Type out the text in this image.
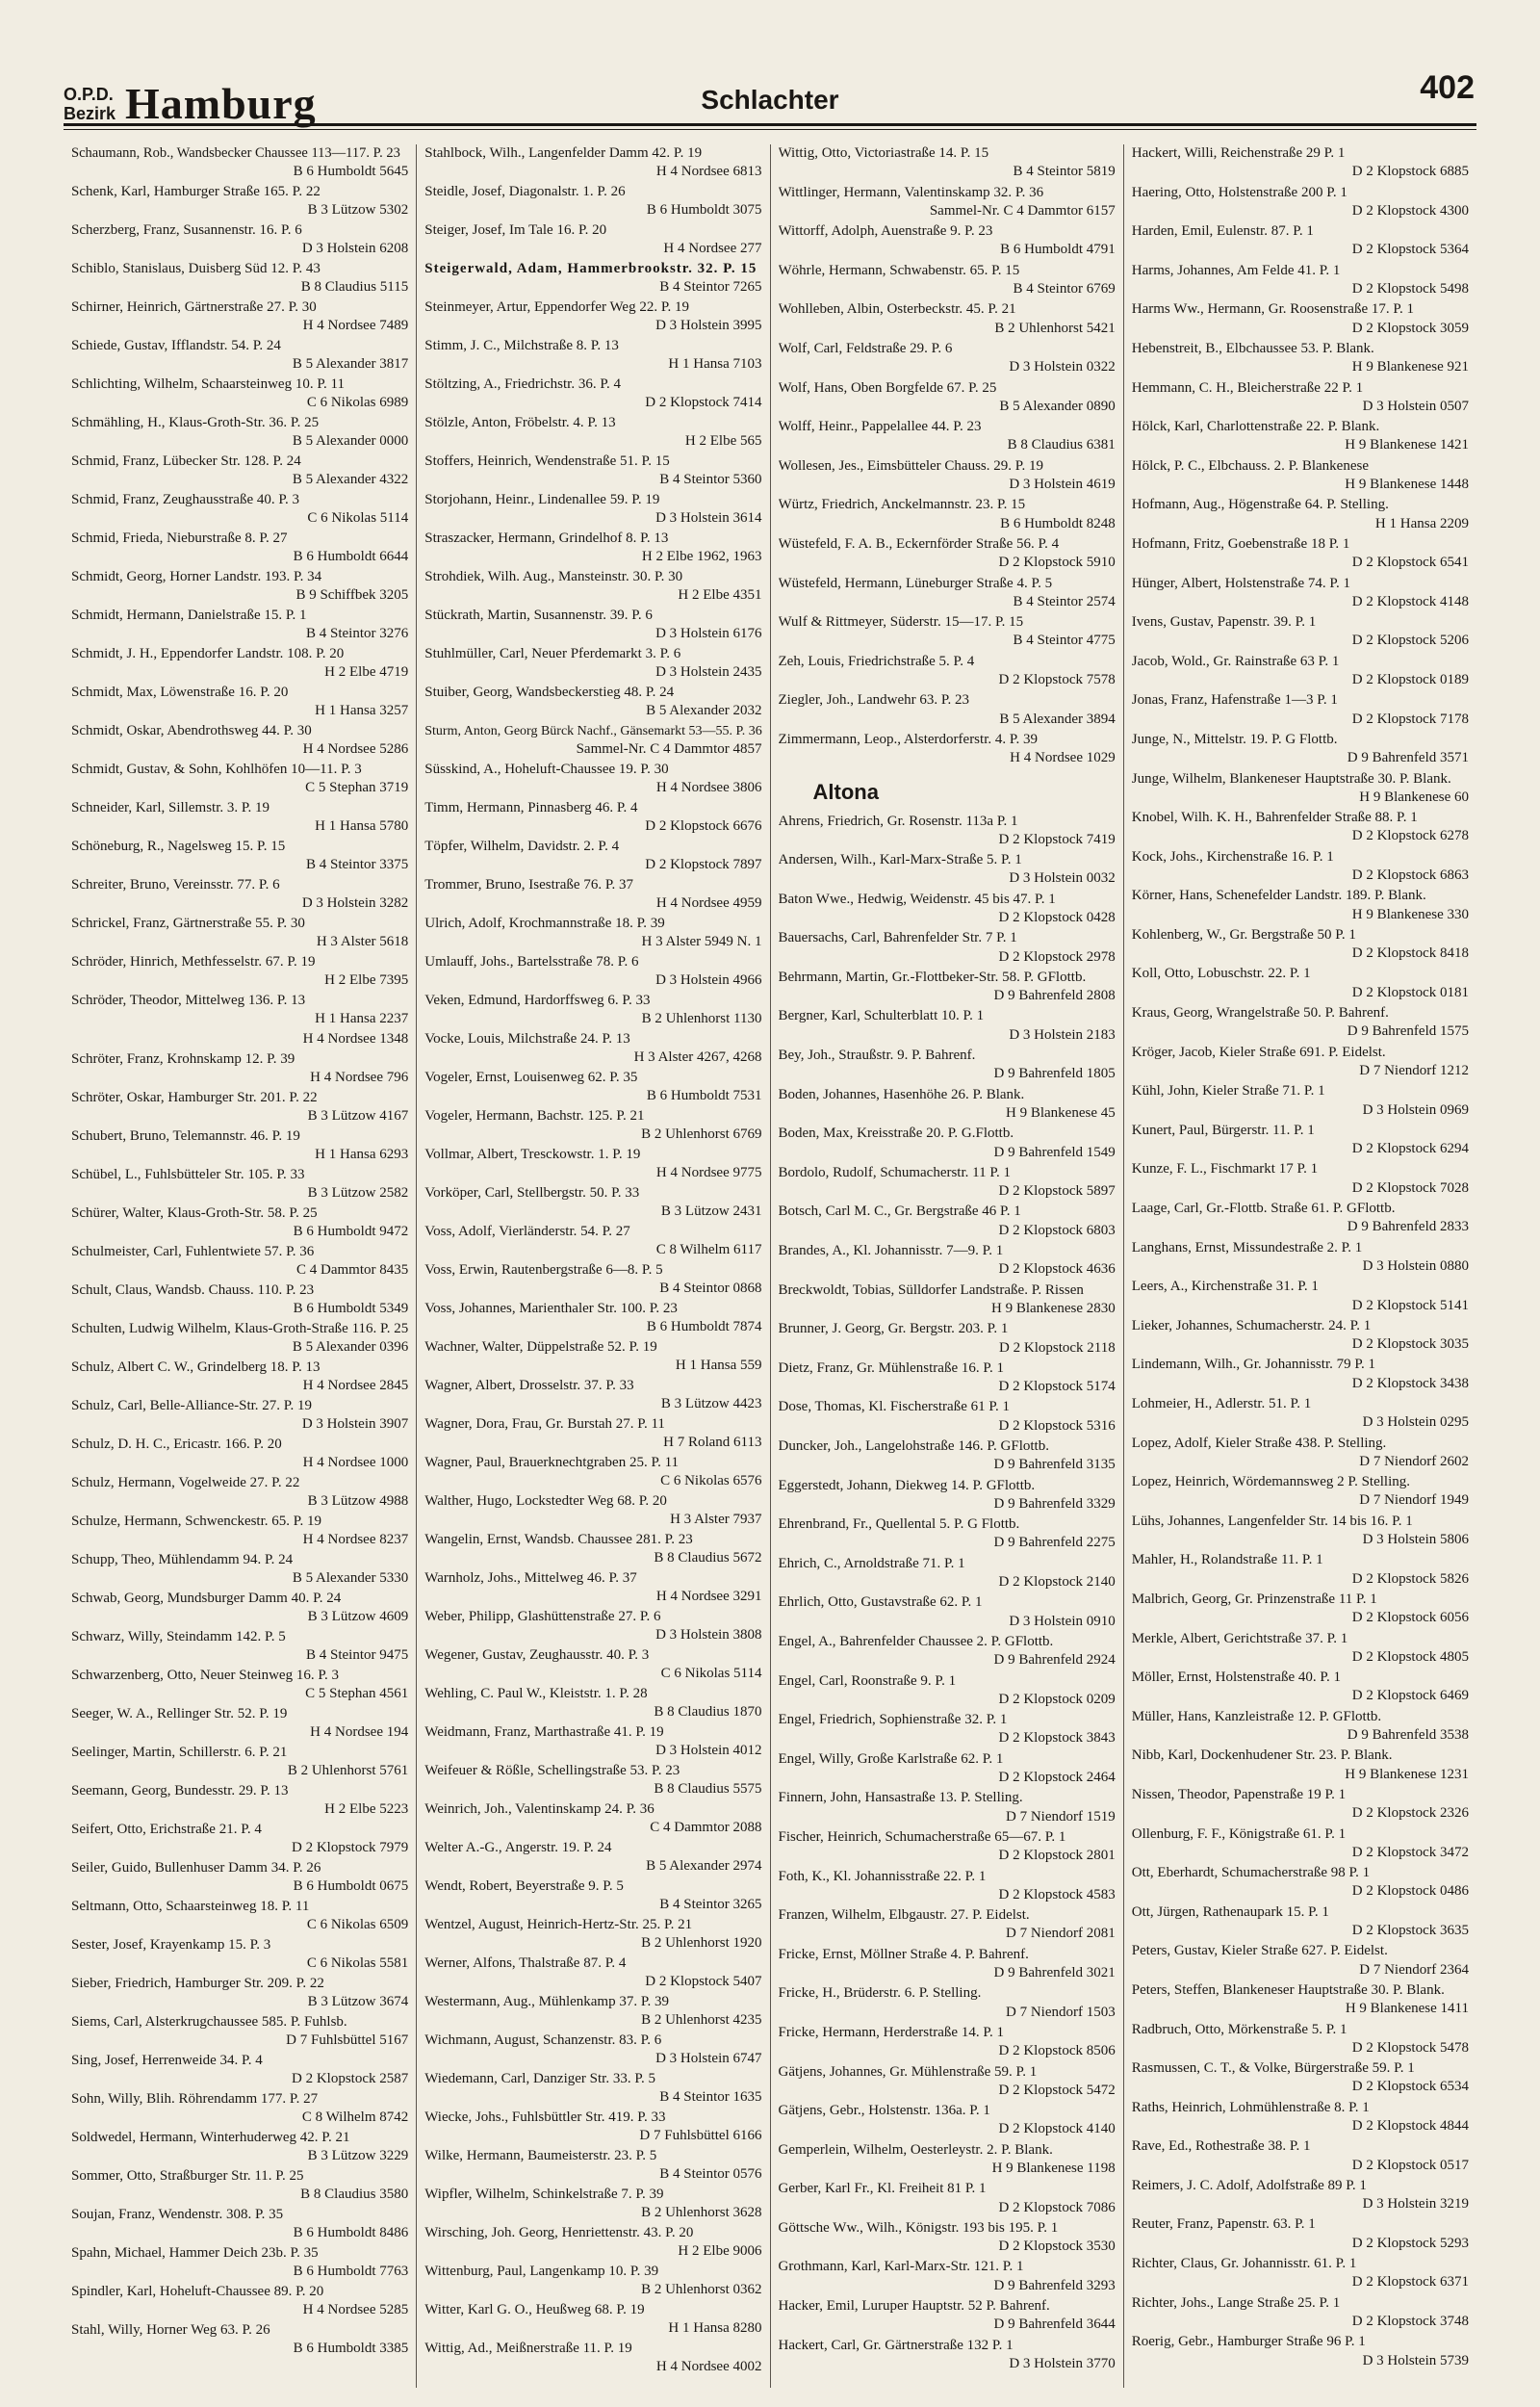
O.P.D.
Bezirk Hamburg	Schlachter	402
Schaumann, Rob., Wandsbecker Chaussee 113—117. P. 23
B 6 Humboldt 5645
Schenk, Karl, Hamburger Straße 165. P. 22
B 3 Lützow 5302
Scherzberg, Franz, Susannenstr. 16. P. 6
D 3 Holstein 6208
Schiblo, Stanislaus, Duisberg Süd 12. P. 43
B 8 Claudius 5115
Schirner, Heinrich, Gärtnerstraße 27. P. 30
H 4 Nordsee 7489
Schiede, Gustav, Ifflandstr. 54. P. 24
B 5 Alexander 3817
Schlichting, Wilhelm, Schaarsteinweg 10. P. 11
C 6 Nikolas 6989
Schmähling, H., Klaus-Groth-Str. 36. P. 25
B 5 Alexander 0000
Schmid, Franz, Lübecker Str. 128. P. 24
B 5 Alexander 4322
Schmid, Franz, Zeughausstraße 40. P. 3
C 6 Nikolas 5114
Schmid, Frieda, Nieburstraße 8. P. 27
B 6 Humboldt 6644
Schmidt, Georg, Horner Landstr. 193. P. 34
B 9 Schiffbek 3205
Schmidt, Hermann, Danielstraße 15. P. 1
B 4 Steintor 3276
Schmidt, J. H., Eppendorfer Landstr. 108. P. 20
H 2 Elbe 4719
Schmidt, Max, Löwenstraße 16. P. 20
H 1 Hansa 3257
Schmidt, Oskar, Abendrothsweg 44. P. 30
H 4 Nordsee 5286
Schmidt, Gustav, & Sohn, Kohlhöfen 10—11. P. 3
C 5 Stephan 3719
Schneider, Karl, Sillemstr. 3. P. 19
H 1 Hansa 5780
Schöneburg, R., Nagelsweg 15. P. 15
B 4 Steintor 3375
Schreiter, Bruno, Vereinsstr. 77. P. 6
D 3 Holstein 3282
Schrickel, Franz, Gärtnerstraße 55. P. 30
H 3 Alster 5618
Schröder, Hinrich, Methfesselstr. 67. P. 19
H 2 Elbe 7395
Schröder, Theodor, Mittelweg 136. P. 13
H 1 Hansa 2237
H 4 Nordsee 1348
Schröter, Franz, Krohnskamp 12. P. 39
H 4 Nordsee 796
Schröter, Oskar, Hamburger Str. 201. P. 22
B 3 Lützow 4167
Schubert, Bruno, Telemannstr. 46. P. 19
H 1 Hansa 6293
Schübel, L., Fuhlsbütteler Str. 105. P. 33
B 3 Lützow 2582
Schürer, Walter, Klaus-Groth-Str. 58. P. 25
B 6 Humboldt 9472
Schulmeister, Carl, Fuhlentwiete 57. P. 36
C 4 Dammtor 8435
Schult, Claus, Wandsb. Chauss. 110. P. 23
B 6 Humboldt 5349
Schulten, Ludwig Wilhelm, Klaus-Groth-Straße 116. P. 25
B 5 Alexander 0396
Schulz, Albert C. W., Grindelberg 18. P. 13
H 4 Nordsee 2845
Schulz, Carl, Belle-Alliance-Str. 27. P. 19
D 3 Holstein 3907
Schulz, D. H. C., Ericastr. 166. P. 20
H 4 Nordsee 1000
Schulz, Hermann, Vogelweide 27. P. 22
B 3 Lützow 4988
Schulze, Hermann, Schwenckestr. 65. P. 19
H 4 Nordsee 8237
Schupp, Theo, Mühlendamm 94. P. 24
B 5 Alexander 5330
Schwab, Georg, Mundsburger Damm 40. P. 24
B 3 Lützow 4609
Schwarz, Willy, Steindamm 142. P. 5
B 4 Steintor 9475
Schwarzenberg, Otto, Neuer Steinweg 16. P. 3
C 5 Stephan 4561
Seeger, W. A., Rellinger Str. 52. P. 19
H 4 Nordsee 194
Seelinger, Martin, Schillerstr. 6. P. 21
B 2 Uhlenhorst 5761
Seemann, Georg, Bundesstr. 29. P. 13
H 2 Elbe 5223
Seifert, Otto, Erichstraße 21. P. 4
D 2 Klopstock 7979
Seiler, Guido, Bullenhuser Damm 34. P. 26
B 6 Humboldt 0675
Seltmann, Otto, Schaarsteinweg 18. P. 11
C 6 Nikolas 6509
Sester, Josef, Krayenkamp 15. P. 3
C 6 Nikolas 5581
Sieber, Friedrich, Hamburger Str. 209. P. 22
B 3 Lützow 3674
Siems, Carl, Alsterkrugchaussee 585. P. Fuhlsb.
D 7 Fuhlsbüttel 5167
Sing, Josef, Herrenweide 34. P. 4
D 2 Klopstock 2587
Sohn, Willy, Blih. Röhrendamm 177. P. 27
C 8 Wilhelm 8742
Soldwedel, Hermann, Winterhuderweg 42. P. 21
B 3 Lützow 3229
Sommer, Otto, Straßburger Str. 11. P. 25
B 8 Claudius 3580
Soujan, Franz, Wendenstr. 308. P. 35
B 6 Humboldt 8486
Spahn, Michael, Hammer Deich 23b. P. 35
B 6 Humboldt 7763
Spindler, Karl, Hoheluft-Chaussee 89. P. 20
H 4 Nordsee 5285
Stahl, Willy, Horner Weg 63. P. 26
B 6 Humboldt 3385
Stahlbock, Wilh., Langenfelder Damm 42. P. 19
H 4 Nordsee 6813
Steidle, Josef, Diagonalstr. 1. P. 26
B 6 Humboldt 3075
Steiger, Josef, Im Tale 16. P. 20
H 4 Nordsee 277
Steigerwald, Adam, Hammerbrookstr. 32. P. 15
B 4 Steintor 7265
Steinmeyer, Artur, Eppendorfer Weg 22. P. 19
D 3 Holstein 3995
Stimm, J. C., Milchstraße 8. P. 13
H 1 Hansa 7103
Stöltzing, A., Friedrichstr. 36. P. 4
D 2 Klopstock 7414
Stölzle, Anton, Fröbelstr. 4. P. 13
H 2 Elbe 565
Stoffers, Heinrich, Wendenstraße 51. P. 15
B 4 Steintor 5360
Storjohann, Heinr., Lindenallee 59. P. 19
D 3 Holstein 3614
Straszacker, Hermann, Grindelhof 8. P. 13
H 2 Elbe 1962, 1963
Strohdiek, Wilh. Aug., Mansteinstr. 30. P. 30
H 2 Elbe 4351
Stückrath, Martin, Susannenstr. 39. P. 6
D 3 Holstein 6176
Stuhlmüller, Carl, Neuer Pferdemarkt 3. P. 6
D 3 Holstein 2435
Stuiber, Georg, Wandsbeckerstieg 48. P. 24
B 5 Alexander 2032
Sturm, Anton, Georg Bürck Nachf., Gänsemarkt 53—55. P. 36
Sammel-Nr. C 4 Dammtor 4857
Süsskind, A., Hoheluft-Chaussee 19. P. 30
H 4 Nordsee 3806
Timm, Hermann, Pinnasberg 46. P. 4
D 2 Klopstock 6676
Töpfer, Wilhelm, Davidstr. 2. P. 4
D 2 Klopstock 7897
Trommer, Bruno, Isestraße 76. P. 37
H 4 Nordsee 4959
Ulrich, Adolf, Krochmannstraße 18. P. 39
H 3 Alster 5949 N. 1
Umlauff, Johs., Bartelsstraße 78. P. 6
D 3 Holstein 4966
Veken, Edmund, Hardorffsweg 6. P. 33
B 2 Uhlenhorst 1130
Vocke, Louis, Milchstraße 24. P. 13
H 3 Alster 4267, 4268
Vogeler, Ernst, Louisenweg 62. P. 35
B 6 Humboldt 7531
Vogeler, Hermann, Bachstr. 125. P. 21
B 2 Uhlenhorst 6769
Vollmar, Albert, Tresckowstr. 1. P. 19
H 4 Nordsee 9775
Vorköper, Carl, Stellbergstr. 50. P. 33
B 3 Lützow 2431
Voss, Adolf, Vierländerstr. 54. P. 27
C 8 Wilhelm 6117
Voss, Erwin, Rautenbergstraße 6—8. P. 5
B 4 Steintor 0868
Voss, Johannes, Marienthaler Str. 100. P. 23
B 6 Humboldt 7874
Wachner, Walter, Düppelstraße 52. P. 19
H 1 Hansa 559
Wagner, Albert, Drosselstr. 37. P. 33
B 3 Lützow 4423
Wagner, Dora, Frau, Gr. Burstah 27. P. 11
H 7 Roland 6113
Wagner, Paul, Brauerknechtgraben 25. P. 11
C 6 Nikolas 6576
Walther, Hugo, Lockstedter Weg 68. P. 20
H 3 Alster 7937
Wangelin, Ernst, Wandsb. Chaussee 281. P. 23
B 8 Claudius 5672
Warnholz, Johs., Mittelweg 46. P. 37
H 4 Nordsee 3291
Weber, Philipp, Glashüttenstraße 27. P. 6
D 3 Holstein 3808
Wegener, Gustav, Zeughausstr. 40. P. 3
C 6 Nikolas 5114
Wehling, C. Paul W., Kleiststr. 1. P. 28
B 8 Claudius 1870
Weidmann, Franz, Marthastraße 41. P. 19
D 3 Holstein 4012
Weifeuer & Rößle, Schellingstraße 53. P. 23
B 8 Claudius 5575
Weinrich, Joh., Valentinskamp 24. P. 36
C 4 Dammtor 2088
Welter A.-G., Angerstr. 19. P. 24
B 5 Alexander 2974
Wendt, Robert, Beyerstraße 9. P. 5
B 4 Steintor 3265
Wentzel, August, Heinrich-Hertz-Str. 25. P. 21
B 2 Uhlenhorst 1920
Werner, Alfons, Thalstraße 87. P. 4
D 2 Klopstock 5407
Westermann, Aug., Mühlenkamp 37. P. 39
B 2 Uhlenhorst 4235
Wichmann, August, Schanzenstr. 83. P. 6
D 3 Holstein 6747
Wiedemann, Carl, Danziger Str. 33. P. 5
B 4 Steintor 1635
Wiecke, Johs., Fuhlsbüttler Str. 419. P. 33
D 7 Fuhlsbüttel 6166
Wilke, Hermann, Baumeisterstr. 23. P. 5
B 4 Steintor 0576
Wipfler, Wilhelm, Schinkelstraße 7. P. 39
B 2 Uhlenhorst 3628
Wirsching, Joh. Georg, Henriettenstr. 43. P. 20
H 2 Elbe 9006
Wittenburg, Paul, Langenkamp 10. P. 39
B 2 Uhlenhorst 0362
Witter, Karl G. O., Heußweg 68. P. 19
H 1 Hansa 8280
Wittig, Ad., Meißnerstraße 11. P. 19
H 4 Nordsee 4002
Wittig, Otto, Victoriastraße 14. P. 15
B 4 Steintor 5819
Wittlinger, Hermann, Valentinskamp 32. P. 36
Sammel-Nr. C 4 Dammtor 6157
Wittorff, Adolph, Auenstraße 9. P. 23
B 6 Humboldt 4791
Wöhrle, Hermann, Schwabenstr. 65. P. 15
B 4 Steintor 6769
Wohlleben, Albin, Osterbeckstr. 45. P. 21
B 2 Uhlenhorst 5421
Wolf, Carl, Feldstraße 29. P. 6
D 3 Holstein 0322
Wolf, Hans, Oben Borgfelde 67. P. 25
B 5 Alexander 0890
Wolff, Heinr., Pappelallee 44. P. 23
B 8 Claudius 6381
Wollesen, Jes., Eimsbütteler Chauss. 29. P. 19
D 3 Holstein 4619
Würtz, Friedrich, Anckelmannstr. 23. P. 15
B 6 Humboldt 8248
Wüstefeld, F. A. B., Eckernförder Straße 56. P. 4
D 2 Klopstock 5910
Wüstefeld, Hermann, Lüneburger Straße 4. P. 5
B 4 Steintor 2574
Wulf & Rittmeyer, Süderstr. 15—17. P. 15
B 4 Steintor 4775
Zeh, Louis, Friedrichstraße 5. P. 4
D 2 Klopstock 7578
Ziegler, Joh., Landwehr 63. P. 23
B 5 Alexander 3894
Zimmermann, Leop., Alsterdorferstr. 4. P. 39
H 4 Nordsee 1029
Altona
Ahrens, Friedrich, Gr. Rosenstr. 113a P. 1
D 2 Klopstock 7419
Andersen, Wilh., Karl-Marx-Straße 5. P. 1
D 3 Holstein 0032
Baton Wwe., Hedwig, Weidenstr. 45 bis 47. P. 1
D 2 Klopstock 0428
Bauersachs, Carl, Bahrenfelder Str. 7 P. 1
D 2 Klopstock 2978
Behrmann, Martin, Gr.-Flottbeker-Str. 58. P. GFlottb.
D 9 Bahrenfeld 2808
Bergner, Karl, Schulterblatt 10. P. 1
D 3 Holstein 2183
Bey, Joh., Straußstr. 9. P. Bahrenf.
D 9 Bahrenfeld 1805
Boden, Johannes, Hasenhöhe 26. P. Blank.
H 9 Blankenese 45
Boden, Max, Kreisstraße 20. P. G.Flottb.
D 9 Bahrenfeld 1549
Bordolo, Rudolf, Schumacherstr. 11 P. 1
D 2 Klopstock 5897
Botsch, Carl M. C., Gr. Bergstraße 46 P. 1
D 2 Klopstock 6803
Brandes, A., Kl. Johannisstr. 7—9. P. 1
D 2 Klopstock 4636
Breckwoldt, Tobias, Sülldorfer Landstraße. P. Rissen
H 9 Blankenese 2830
Brunner, J. Georg, Gr. Bergstr. 203. P. 1
D 2 Klopstock 2118
Dietz, Franz, Gr. Mühlenstraße 16. P. 1
D 2 Klopstock 5174
Dose, Thomas, Kl. Fischerstraße 61 P. 1
D 2 Klopstock 5316
Duncker, Joh., Langelohstraße 146. P. GFlottb.
D 9 Bahrenfeld 3135
Eggerstedt, Johann, Diekweg 14. P. GFlottb.
D 9 Bahrenfeld 3329
Ehrenbrand, Fr., Quellental 5. P. G Flottb.
D 9 Bahrenfeld 2275
Ehrich, C., Arnoldstraße 71. P. 1
D 2 Klopstock 2140
Ehrlich, Otto, Gustavstraße 62. P. 1
D 3 Holstein 0910
Engel, A., Bahrenfelder Chaussee 2. P. GFlottb.
D 9 Bahrenfeld 2924
Engel, Carl, Roonstraße 9. P. 1
D 2 Klopstock 0209
Engel, Friedrich, Sophienstraße 32. P. 1
D 2 Klopstock 3843
Engel, Willy, Große Karlstraße 62. P. 1
D 2 Klopstock 2464
Finnern, John, Hansastraße 13. P. Stelling.
D 7 Niendorf 1519
Fischer, Heinrich, Schumacherstraße 65—67. P. 1
D 2 Klopstock 2801
Foth, K., Kl. Johannisstraße 22. P. 1
D 2 Klopstock 4583
Franzen, Wilhelm, Elbgaustr. 27. P. Eidelst.
D 7 Niendorf 2081
Fricke, Ernst, Möllner Straße 4. P. Bahrenf.
D 9 Bahrenfeld 3021
Fricke, H., Brüderstr. 6. P. Stelling.
D 7 Niendorf 1503
Fricke, Hermann, Herderstraße 14. P. 1
D 2 Klopstock 8506
Gätjens, Johannes, Gr. Mühlenstraße 59. P. 1
D 2 Klopstock 5472
Gätjens, Gebr., Holstenstr. 136a. P. 1
D 2 Klopstock 4140
Gemperlein, Wilhelm, Oesterleystr. 2. P. Blank.
H 9 Blankenese 1198
Gerber, Karl Fr., Kl. Freiheit 81 P. 1
D 2 Klopstock 7086
Göttsche Ww., Wilh., Königstr. 193 bis 195. P. 1
D 2 Klopstock 3530
Grothmann, Karl, Karl-Marx-Str. 121. P. 1
D 9 Bahrenfeld 3293
Hacker, Emil, Luruper Hauptstr. 52 P. Bahrenf.
D 9 Bahrenfeld 3644
Hackert, Carl, Gr. Gärtnerstraße 132 P. 1
D 3 Holstein 3770
Hackert, Willi, Reichenstraße 29 P. 1
D 2 Klopstock 6885
Haering, Otto, Holstenstraße 200 P. 1
D 2 Klopstock 4300
Harden, Emil, Eulenstr. 87. P. 1
D 2 Klopstock 5364
Harms, Johannes, Am Felde 41. P. 1
D 2 Klopstock 5498
Harms Ww., Hermann, Gr. Roosenstraße 17. P. 1
D 2 Klopstock 3059
Hebenstreit, B., Elbchaussee 53. P. Blank.
H 9 Blankenese 921
Hemmann, C. H., Bleicherstraße 22 P. 1
D 3 Holstein 0507
Hölck, Karl, Charlottenstraße 22. P. Blank.
H 9 Blankenese 1421
Hölck, P. C., Elbchauss. 2. P. Blankenese
H 9 Blankenese 1448
Hofmann, Aug., Högenstraße 64. P. Stelling.
H 1 Hansa 2209
Hofmann, Fritz, Goebenstraße 18 P. 1
D 2 Klopstock 6541
Hünger, Albert, Holstenstraße 74. P. 1
D 2 Klopstock 4148
Ivens, Gustav, Papenstr. 39. P. 1
D 2 Klopstock 5206
Jacob, Wold., Gr. Rainstraße 63 P. 1
D 2 Klopstock 0189
Jonas, Franz, Hafenstraße 1—3 P. 1
D 2 Klopstock 7178
Junge, N., Mittelstr. 19. P. G Flottb.
D 9 Bahrenfeld 3571
Junge, Wilhelm, Blankeneser Hauptstraße 30. P. Blank.
H 9 Blankenese 60
Knobel, Wilh. K. H., Bahrenfelder Straße 88. P. 1
D 2 Klopstock 6278
Kock, Johs., Kirchenstraße 16. P. 1
D 2 Klopstock 6863
Körner, Hans, Schenefelder Landstr. 189. P. Blank.
H 9 Blankenese 330
Kohlenberg, W., Gr. Bergstraße 50 P. 1
D 2 Klopstock 8418
Koll, Otto, Lobuschstr. 22. P. 1
D 2 Klopstock 0181
Kraus, Georg, Wrangelstraße 50. P. Bahrenf.
D 9 Bahrenfeld 1575
Kröger, Jacob, Kieler Straße 691. P. Eidelst.
D 7 Niendorf 1212
Kühl, John, Kieler Straße 71. P. 1
D 3 Holstein 0969
Kunert, Paul, Bürgerstr. 11. P. 1
D 2 Klopstock 6294
Kunze, F. L., Fischmarkt 17 P. 1
D 2 Klopstock 7028
Laage, Carl, Gr.-Flottb. Straße 61. P. GFlottb.
D 9 Bahrenfeld 2833
Langhans, Ernst, Missundestraße 2. P. 1
D 3 Holstein 0880
Leers, A., Kirchenstraße 31. P. 1
D 2 Klopstock 5141
Lieker, Johannes, Schumacherstr. 24. P. 1
D 2 Klopstock 3035
Lindemann, Wilh., Gr. Johannisstr. 79 P. 1
D 2 Klopstock 3438
Lohmeier, H., Adlerstr. 51. P. 1
D 3 Holstein 0295
Lopez, Adolf, Kieler Straße 438. P. Stelling.
D 7 Niendorf 2602
Lopez, Heinrich, Wördemannsweg 2 P. Stelling.
D 7 Niendorf 1949
Lühs, Johannes, Langenfelder Str. 14 bis 16. P. 1
D 3 Holstein 5806
Mahler, H., Rolandstraße 11. P. 1
D 2 Klopstock 5826
Malbrich, Georg, Gr. Prinzenstraße 11 P. 1
D 2 Klopstock 6056
Merkle, Albert, Gerichtstraße 37. P. 1
D 2 Klopstock 4805
Möller, Ernst, Holstenstraße 40. P. 1
D 2 Klopstock 6469
Müller, Hans, Kanzleistraße 12. P. GFlottb.
D 9 Bahrenfeld 3538
Nibb, Karl, Dockenhudener Str. 23. P. Blank.
H 9 Blankenese 1231
Nissen, Theodor, Papenstraße 19 P. 1
D 2 Klopstock 2326
Ollenburg, F. F., Königstraße 61. P. 1
D 2 Klopstock 3472
Ott, Eberhardt, Schumacherstraße 98 P. 1
D 2 Klopstock 0486
Ott, Jürgen, Rathenaupark 15. P. 1
D 2 Klopstock 3635
Peters, Gustav, Kieler Straße 627. P. Eidelst.
D 7 Niendorf 2364
Peters, Steffen, Blankeneser Hauptstraße 30. P. Blank.
H 9 Blankenese 1411
Radbruch, Otto, Mörkenstraße 5. P. 1
D 2 Klopstock 5478
Rasmussen, C. T., & Volke, Bürgerstraße 59. P. 1
D 2 Klopstock 6534
Raths, Heinrich, Lohmühlenstraße 8. P. 1
D 2 Klopstock 4844
Rave, Ed., Rothestraße 38. P. 1
D 2 Klopstock 0517
Reimers, J. C. Adolf, Adolfstraße 89 P. 1
D 3 Holstein 3219
Reuter, Franz, Papenstr. 63. P. 1
D 2 Klopstock 5293
Richter, Claus, Gr. Johannisstr. 61. P. 1
D 2 Klopstock 6371
Richter, Johs., Lange Straße 25. P. 1
D 2 Klopstock 3748
Roerig, Gebr., Hamburger Straße 96 P. 1
D 3 Holstein 5739
